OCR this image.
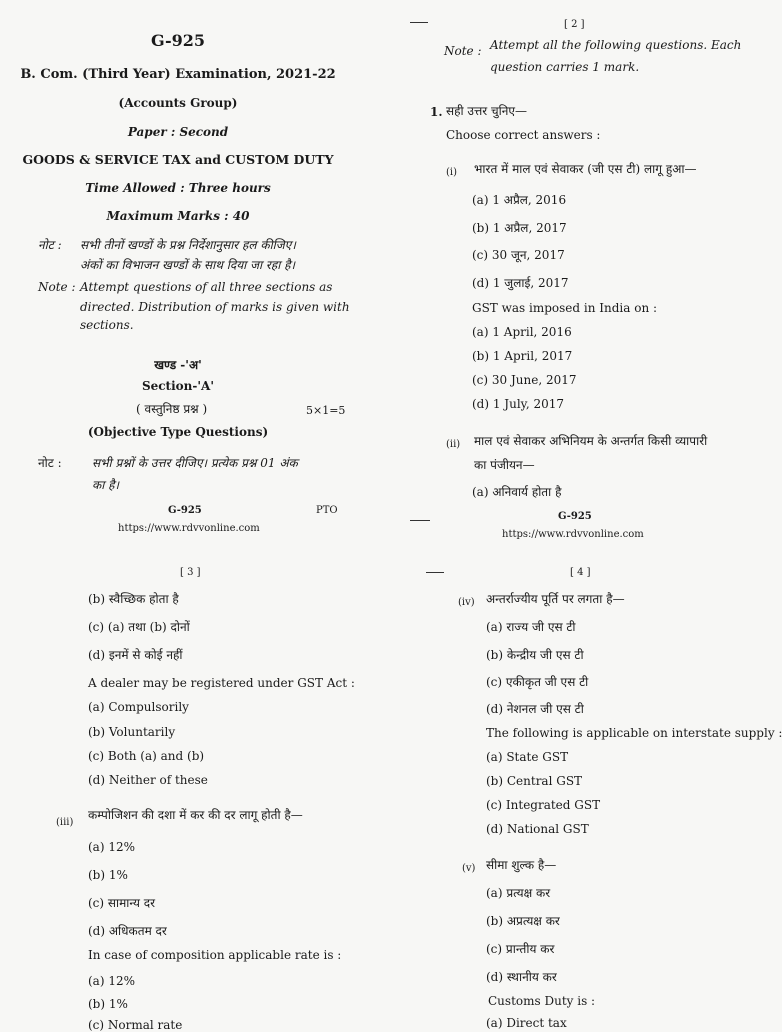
G-925
B. Com. (Third Year) Examination, 2021-22
(Accounts Group)
Paper : Second
GOODS & SERVICE TAX and CUSTOM DUTY
Time Allowed : Three hours
Maximum Marks : 40
नोट : सभी तीनों खण्डों के प्रश्न निर्देशानुसार हल कीजिए।
अंकों का विभाजन खण्डों के साथ दिया जा रहा है।
Note : Attempt questions of all three sections as
directed. Distribution of marks is given with
sections.
खण्ड -'अ'
Section-'A'
( वस्तुनिष्ठ प्रश्न )	5×1=5
(Objective Type Questions)
नोट :	सभी प्रश्नों के उत्तर दीजिए। प्रत्येक प्रश्न 01 अंक
का है।
G-925	PTO
https://www.rdvvonline.com
[ 2 ]
Note : Attempt all the following questions. Each
question carries 1 mark.
1. सही उत्तर चुनिए—
Choose correct answers :
(i) भारत में माल एवं सेवाकर (जी एस टी) लागू हुआ—
(a) 1 अप्रैल, 2016
(b) 1 अप्रैल, 2017
(c) 30 जून, 2017
(d) 1 जुलाई, 2017
GST was imposed in India on :
(a) 1 April, 2016
(b) 1 April, 2017
(c) 30 June, 2017
(d) 1 July, 2017
(ii) माल एवं सेवाकर अभिनियम के अन्तर्गत किसी व्यापारी
का पंजीयन—
(a) अनिवार्य होता है
G-925
https://www.rdvvonline.com
[ 3 ]
(b) स्वैच्छिक होता है
(c) (a) तथा (b) दोनों
(d) इनमें से कोई नहीं
A dealer may be registered under GST Act :
(a) Compulsorily
(b) Voluntarily
(c) Both (a) and (b)
(d) Neither of these
(iii)
कम्पोजिशन की दशा में कर की दर लागू होती है—
(a) 12%
(b) 1%
(c) सामान्य दर
(d) अधिकतम दर
In case of composition applicable rate is :
(a) 12%
(b) 1%
(c) Normal rate
[ 4 ]
(iv) अन्तर्राज्यीय पूर्ति पर लगता है—
(a) राज्य जी एस टी
(b) केन्द्रीय जी एस टी
(c) एकीकृत जी एस टी
(d) नेशनल जी एस टी
The following is applicable on interstate supply :
(a) State GST
(b) Central GST
(c) Integrated GST
(d) National GST
(v) सीमा शुल्क है—
(a) प्रत्यक्ष कर
(b) अप्रत्यक्ष कर
(c) प्रान्तीय कर
(d) स्थानीय कर
Customs Duty is :
(a) Direct tax
